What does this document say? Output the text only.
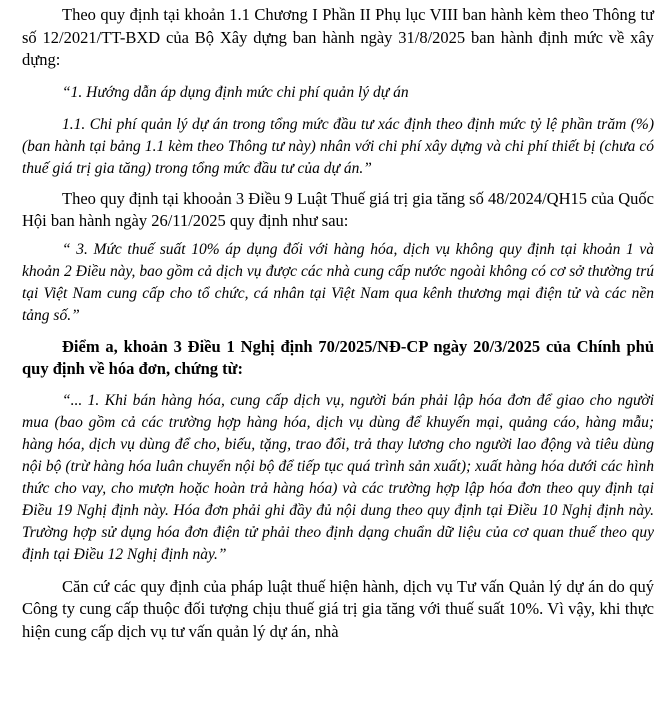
Theo quy định tại khoản 1.1 Chương I Phần II Phụ lục VIII ban hành kèm theo Thông tư số 12/2021/TT-BXD của Bộ Xây dựng ban hành ngày 31/8/2025 ban hành định mức về xây dựng:

“1. Hướng dẫn áp dụng định mức chi phí quản lý dự án

1.1. Chi phí quản lý dự án trong tổng mức đầu tư xác định theo định mức tỷ lệ phần trăm (%) (ban hành tại bảng 1.1 kèm theo Thông tư này) nhân với chi phí xây dựng và chi phí thiết bị (chưa có thuế giá trị gia tăng) trong tổng mức đầu tư của dự án.”

Theo quy định tại khooản 3 Điều 9 Luật Thuế giá trị gia tăng số 48/2024/QH15 của Quốc Hội ban hành ngày 26/11/2025 quy định như sau:

“ 3. Mức thuế suất 10% áp dụng đối với hàng hóa, dịch vụ không quy định tại khoản 1 và khoản 2 Điều này, bao gồm cả dịch vụ được các nhà cung cấp nước ngoài không có cơ sở thường trú tại Việt Nam cung cấp cho tổ chức, cá nhân tại Việt Nam qua kênh thương mại điện tử và các nền tảng số.”

Điểm a, khoản 3 Điều 1 Nghị định 70/2025/NĐ-CP ngày 20/3/2025 của Chính phủ quy định về hóa đơn, chứng từ:

“... 1. Khi bán hàng hóa, cung cấp dịch vụ, người bán phải lập hóa đơn để giao cho người mua (bao gồm cả các trường hợp hàng hóa, dịch vụ dùng để khuyến mại, quảng cáo, hàng mẫu; hàng hóa, dịch vụ dùng để cho, biếu, tặng, trao đổi, trả thay lương cho người lao động và tiêu dùng nội bộ (trừ hàng hóa luân chuyển nội bộ để tiếp tục quá trình sản xuất); xuất hàng hóa dưới các hình thức cho vay, cho mượn hoặc hoàn trả hàng hóa) và các trường hợp lập hóa đơn theo quy định tại Điều 19 Nghị định này. Hóa đơn phải ghi đầy đủ nội dung theo quy định tại Điều 10 Nghị định này. Trường hợp sử dụng hóa đơn điện tử phải theo định dạng chuẩn dữ liệu của cơ quan thuế theo quy định tại Điều 12 Nghị định này.”

Căn cứ các quy định của pháp luật thuế hiện hành, dịch vụ Tư vấn Quản lý dự án do quý Công ty cung cấp thuộc đối tượng chịu thuế giá trị gia tăng với thuế suất 10%. Vì vậy, khi thực hiện cung cấp dịch vụ tư vấn quản lý dự án, nhà
